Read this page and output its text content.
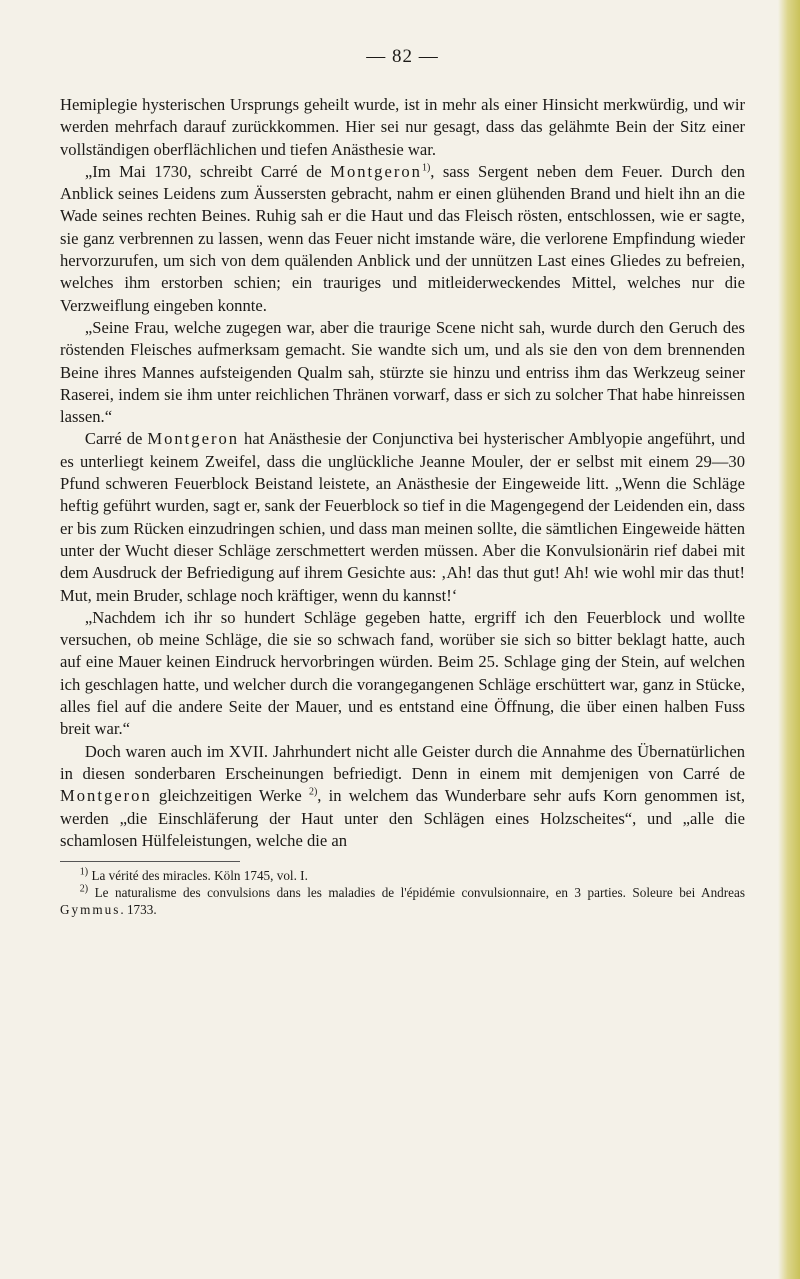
— 82 —

Hemiplegie hysterischen Ursprungs geheilt wurde, ist in mehr als einer Hinsicht merkwürdig, und wir werden mehrfach darauf zurückkommen. Hier sei nur gesagt, dass das gelähmte Bein der Sitz einer vollständigen oberflächlichen und tiefen Anästhesie war.

„Im Mai 1730, schreibt Carré de Montgeron$^{1)}$, sass Sergent neben dem Feuer. Durch den Anblick seines Leidens zum Äussersten gebracht, nahm er einen glühenden Brand und hielt ihn an die Wade seines rechten Beines. Ruhig sah er die Haut und das Fleisch rösten, entschlossen, wie er sagte, sie ganz verbrennen zu lassen, wenn das Feuer nicht imstande wäre, die verlorene Empfindung wieder hervorzurufen, um sich von dem quälenden Anblick und der unnützen Last eines Gliedes zu befreien, welches ihm erstorben schien; ein trauriges und mitleiderweckendes Mittel, welches nur die Verzweiflung eingeben konnte.

„Seine Frau, welche zugegen war, aber die traurige Scene nicht sah, wurde durch den Geruch des röstenden Fleisches aufmerksam gemacht. Sie wandte sich um, und als sie den von dem brennenden Beine ihres Mannes aufsteigenden Qualm sah, stürzte sie hinzu und entriss ihm das Werkzeug seiner Raserei, indem sie ihm unter reichlichen Thränen vorwarf, dass er sich zu solcher That habe hinreissen lassen.“

Carré de Montgeron hat Anästhesie der Conjunctiva bei hysterischer Amblyopie angeführt, und es unterliegt keinem Zweifel, dass die unglückliche Jeanne Mouler, der er selbst mit einem 29—30 Pfund schweren Feuerblock Beistand leistete, an Anästhesie der Eingeweide litt. „Wenn die Schläge heftig geführt wurden, sagt er, sank der Feuerblock so tief in die Magengegend der Leidenden ein, dass er bis zum Rücken einzudringen schien, und dass man meinen sollte, die sämtlichen Eingeweide hätten unter der Wucht dieser Schläge zerschmettert werden müssen. Aber die Konvulsionärin rief dabei mit dem Ausdruck der Befriedigung auf ihrem Gesichte aus: ‚Ah! das thut gut! Ah! wie wohl mir das thut! Mut, mein Bruder, schlage noch kräftiger, wenn du kannst!‘

„Nachdem ich ihr so hundert Schläge gegeben hatte, ergriff ich den Feuerblock und wollte versuchen, ob meine Schläge, die sie so schwach fand, worüber sie sich so bitter beklagt hatte, auch auf eine Mauer keinen Eindruck hervorbringen würden. Beim 25. Schlage ging der Stein, auf welchen ich geschlagen hatte, und welcher durch die vorangegangenen Schläge erschüttert war, ganz in Stücke, alles fiel auf die andere Seite der Mauer, und es entstand eine Öffnung, die über einen halben Fuss breit war.“

Doch waren auch im XVII. Jahrhundert nicht alle Geister durch die Annahme des Übernatürlichen in diesen sonderbaren Erscheinungen befriedigt. Denn in einem mit demjenigen von Carré de Montgeron gleichzeitigen Werke $^{2)}$, in welchem das Wunderbare sehr aufs Korn genommen ist, werden „die Einschläferung der Haut unter den Schlägen eines Holzscheites“, und „alle die schamlosen Hülfeleistungen, welche die an

$^{1)}$ La vérité des miracles. Köln 1745, vol. I.

$^{2)}$ Le naturalisme des convulsions dans les maladies de l'épidémie convulsionnaire, en 3 parties. Soleure bei Andreas Gymmus. 1733.
